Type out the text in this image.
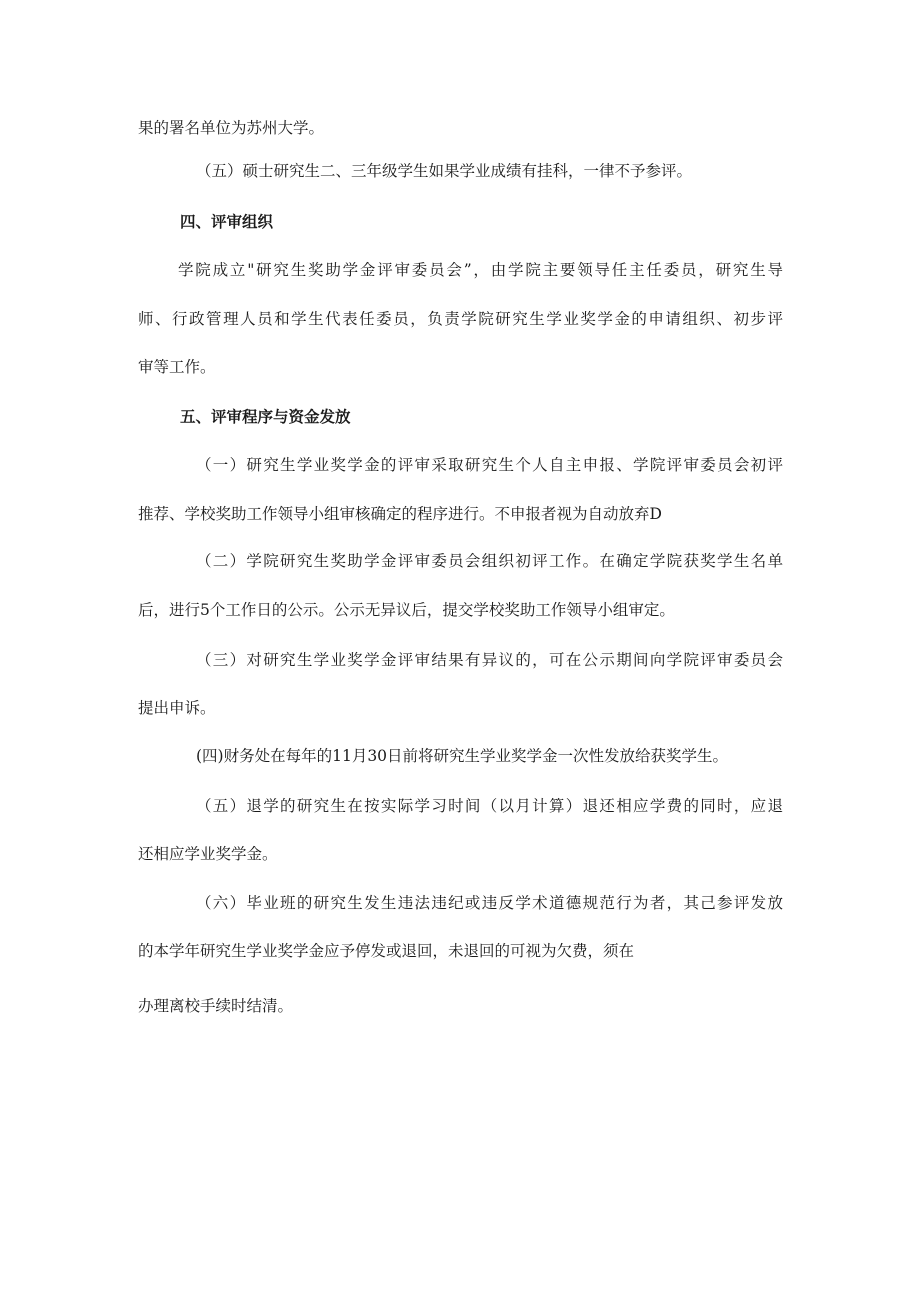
果的署名单位为苏州大学。
（五）硕士研究生二、三年级学生如果学业成绩有挂科，一律不予参评。
四、评审组织
学院成立"研究生奖助学金评审委员会”，由学院主要领导任主任委员，研究生导
师、行政管理人员和学生代表任委员，负责学院研究生学业奖学金的申请组织、初步评
审等工作。
五、评审程序与资金发放
（一）研究生学业奖学金的评审采取研究生个人自主申报、学院评审委员会初评
推荐、学校奖助工作领导小组审核确定的程序进行。不申报者视为自动放弃D
（二）学院研究生奖助学金评审委员会组织初评工作。在确定学院获奖学生名单
后，进行5个工作日的公示。公示无异议后，提交学校奖助工作领导小组审定。
（三）对研究生学业奖学金评审结果有异议的，可在公示期间向学院评审委员会
提出申诉。
(四)财务处在每年的11月30日前将研究生学业奖学金一次性发放给获奖学生。
（五）退学的研究生在按实际学习时间（以月计算）退还相应学费的同时，应退
还相应学业奖学金。
（六）毕业班的研究生发生违法违纪或违反学术道德规范行为者，其己参评发放
的本学年研究生学业奖学金应予停发或退回，未退回的可视为欠费，须在
办理离校手续时结清。
